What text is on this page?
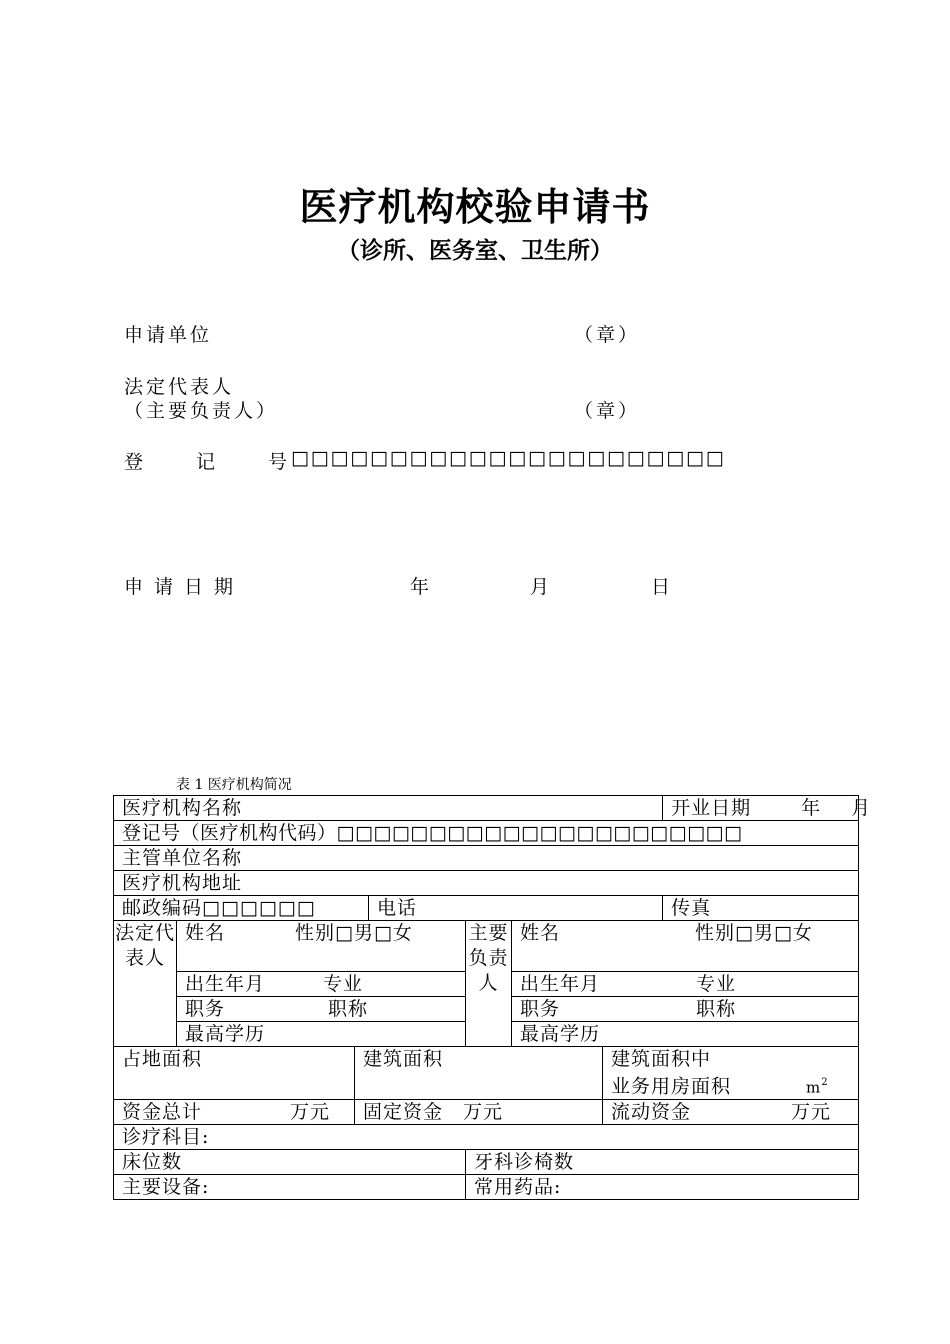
医疗机构校验申请书
（诊所、医务室、卫生所）
申请单位	（章）
法定代表人
（主要负责人）	（章）
登	记	号 □□□□□□□□□□□□□□□□□□□□□□
申请日期	年	月	日
表 1 医疗机构简况
医疗机构名称							开业日期 年 月
登记号（医疗机构代码）□□□□□□□□□□□□□□□□□□□□□□							
主管单位名称							
医疗机构地址							
邮政编码□□□□□□			电话				传真
法定代表人	姓名 性别□男□女			主要负责人	姓名 性别□男□女		
	出生年月 专业				出生年月 专业		
	职务 职称				职务 职称		
	最高学历				最高学历		
占地面积		建筑面积				建筑面积中
业务用房面积 $m^2$
资金总计 万元		固定资金 万元				流动资金 万元	
诊疗科目:							
床位数				牙科诊椅数			
主要设备:				常用药品:			
